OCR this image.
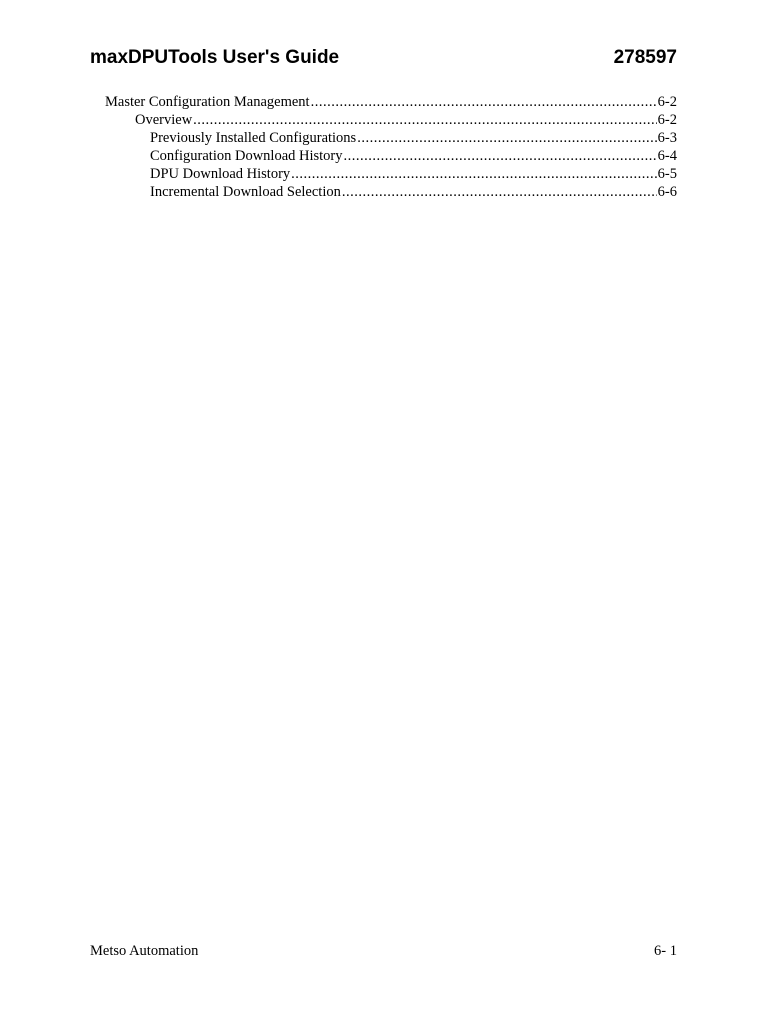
maxDPUTools User's Guide	278597
Master Configuration Management .....	6-2
Overview .....	6-2
Previously Installed Configurations .....	6-3
Configuration Download History .....	6-4
DPU Download History .....	6-5
Incremental Download Selection .....	6-6
Metso Automation	6- 1
